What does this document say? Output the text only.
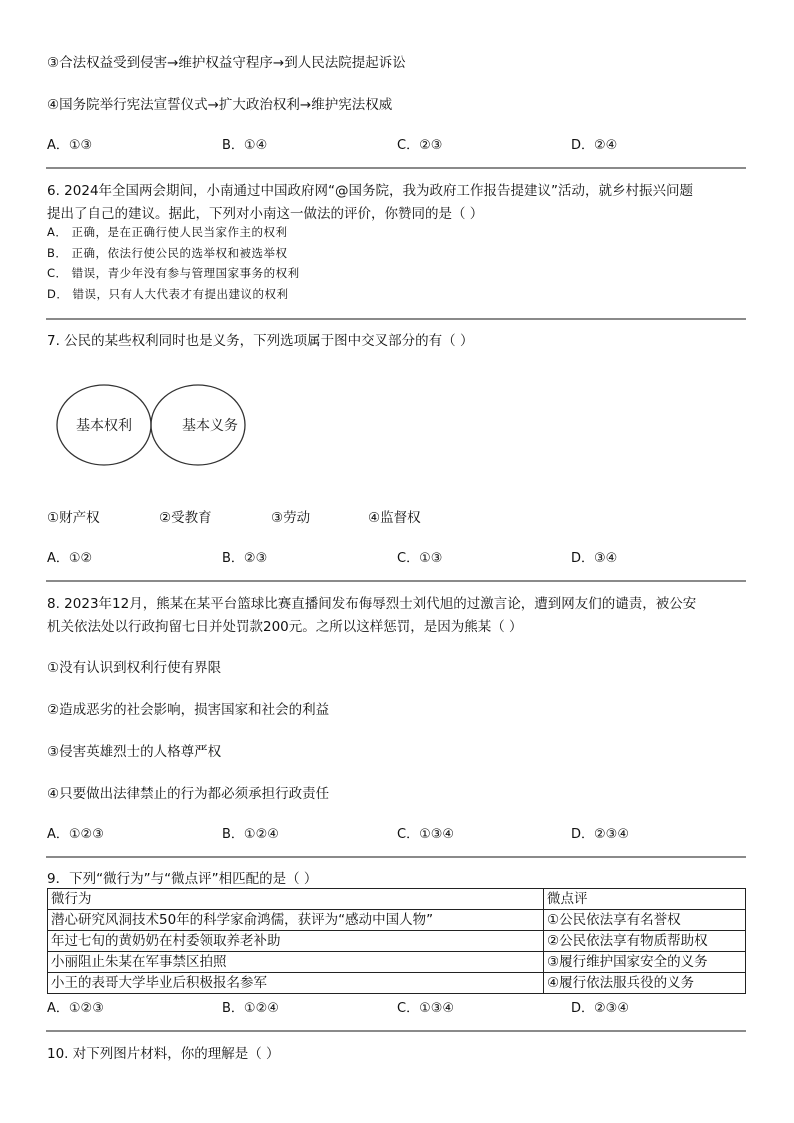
③合法权益受到侵害→维护权益守程序→到人民法院提起诉讼
④国务院举行宪法宣誓仪式→扩大政治权利→维护宪法权威
A．①③	B．①④	C．②③	D．②④
6. 2024年全国两会期间，小南通过中国政府网“@国务院，我为政府工作报告提建议”活动，就乡村振兴问题
提出了自己的建议。据此，下列对小南这一做法的评价，你赞同的是（ ）
A． 正确，是在正确行使人民当家作主的权利
B． 正确，依法行使公民的选举权和被选举权
C． 错误，青少年没有参与管理国家事务的权利
D． 错误，只有人大代表才有提出建议的权利
7. 公民的某些权利同时也是义务，下列选项属于图中交叉部分的有（ ）
基本权利	基本义务
①财产权	②受教育	③劳动	④监督权
A．①②	B．②③	C．①③	D．③④
8. 2023年12月，熊某在某平台篮球比赛直播间发布侮辱烈士刘代旭的过激言论，遭到网友们的谴责，被公安
机关依法处以行政拘留七日并处罚款200元。之所以这样惩罚，是因为熊某（ ）
①没有认识到权利行使有界限
②造成恶劣的社会影响，损害国家和社会的利益
③侵害英雄烈士的人格尊严权
④只要做出法律禁止的行为都必须承担行政责任
A．①②③	B．①②④	C．①③④	D．②③④
9．下列“微行为”与“微点评”相匹配的是（ ）
微行为	微点评
潜心研究风洞技术50年的科学家俞鸿儒，获评为“感动中国人物”	①公民依法享有名誉权
年过七旬的黄奶奶在村委领取养老补助	②公民依法享有物质帮助权
小丽阻止朱某在军事禁区拍照	③履行维护国家安全的义务
小王的表哥大学毕业后积极报名参军	④履行依法服兵役的义务
A．①②③	B．①②④	C．①③④	D．②③④
10. 对下列图片材料，你的理解是（ ）
